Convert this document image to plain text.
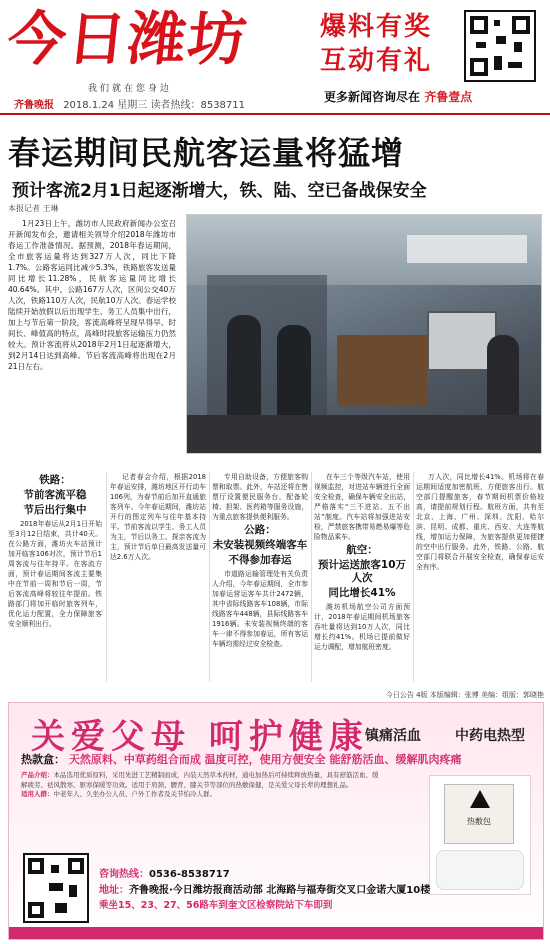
今日潍坊
我们就在您身边
齐鲁晚报 2018.1.24 星期三 读者热线：8538711
爆料有奖
互动有礼
更多新闻咨询尽在 齐鲁壹点
春运期间民航客运量将猛增
预计客流2月1日起逐渐增大，铁、陆、空已备战保安全
本报记者 王琳

1月23日上午，潍坊市人民政府新闻办公室召开新闻发布会，邀请相关领导介绍2018年潍坊市春运工作准备情况。据预测，2018年春运期间，全市旅客运量将达到327万人次，同比下降1.7%。公路客运同比减少5.3%，铁路旅客发送量同比增长11.28%，民航客运量同比增长40.64%。其中，公路167万人次，区间公交40万人次，铁路110万人次，民航10万人次。春运学校陆续开始放假以后出现学生、务工人员集中出行，加上与节后第一阶段，客流高峰将呈现早得早、时间长、峰值高的特点，高峰时段旅客运输压力仍然较大。预计客流将从2018年2月1日起逐渐增大，到2月14日达到高峰。节后客流高峰将出现在2月21日左右。

铁路：
节前客流平稳
节后出行集中

2018年春运从2月1日开始至3月12日结束，共计40天。在公路方面，潍坊火车站预计加开临客106对次，预计节后1周客流与往年持平。在客流方面，预计春运期间客流主要集中在节前一周和节后一周，节后客流高峰将较往年提前。铁路部门将加开临时旅客列车，优化运力配置，全力保障旅客安全顺利出行。

记者春会介绍，根据2018年春运安排，潍坊地区开行动车106列，为春节前后加开直通旅客列车。今年春运期间，潍坊站开行的图定列车与往年基本持平。节前客流以学生、务工人员为主，节后以务工、探亲客流为主，预计节后单日最高发送量可达2.6万人次。

专用自助设备，方便旅客购票和取票。此外，车站还将在售票厅设置便民服务台，配备轮椅、担架、医药箱等服务设施，为重点旅客提供便利服务。

公路：
未安装视频终端客车
不得参加春运

市道路运输管理处有关负责人介绍，今年春运期间，全市参加春运营运客车共计2472辆，其中省际线路客车108辆，市际线路客车448辆，县际线路客车1916辆。未安装视频终端的客车一律不得参加春运，所有客运车辆均需经过安全检查。

在车三个等级汽车站，使用视频监控，对进站车辆进行全面安全检查，确保车辆安全出站，严格落实“三不进站、五不出站”制度。汽车站将加强进站安检，严禁旅客携带易燃易爆等危险物品乘车。

航空：
预计运送旅客10万人次
同比增长41%

潍坊机场航空公司方面预计，2018年春运期间机场旅客吞吐量将达到10万人次，同比增长约41%。机场已提前做好运力调配，增加航班密度。

万人次，同比增长41%。机场将在春运期间适度加密航班，方便旅客出行。航空部门提醒旅客，春节期间机票价格较高，请提前规划行程。航班方面，共有至北京、上海、广州、深圳、沈阳、哈尔滨、昆明、成都、重庆、西安、大连等航线，增加运力保障，为旅客提供更加便捷的空中出行服务。此外，铁路、公路、航空部门将联合开展安全检查，确保春运安全有序。

今日公告 4版 本版编辑：张博 美编：组版：郭晓艳
关爱父母 呵护健康
镇痛活血 中药电热型
热款盒： 天然原料、中草药组合而成 温度可控，使用方便安全 能舒筋活血、缓解肌肉疼痛
产品介绍：本品选用优质原料，采用先进工艺精制而成，内装天然草本药材，通电加热后可持续释放热量，具有舒筋活血、缓解疲劳、祛风散寒、驱寒保暖等功效。适用于肩颈、腰背、膝关节等部位的热敷保健，是关爱父母长辈的理想礼品。
适用人群：中老年人、久坐办公人员、户外工作者及关节怕冷人群。
热敷包
咨询热线：0536-8538717
地址：齐鲁晚报·今日潍坊报商活动部 北海路与福寿街交叉口金诺大厦10楼
乘坐15、23、27、56路车到奎文区检察院站下车即到
